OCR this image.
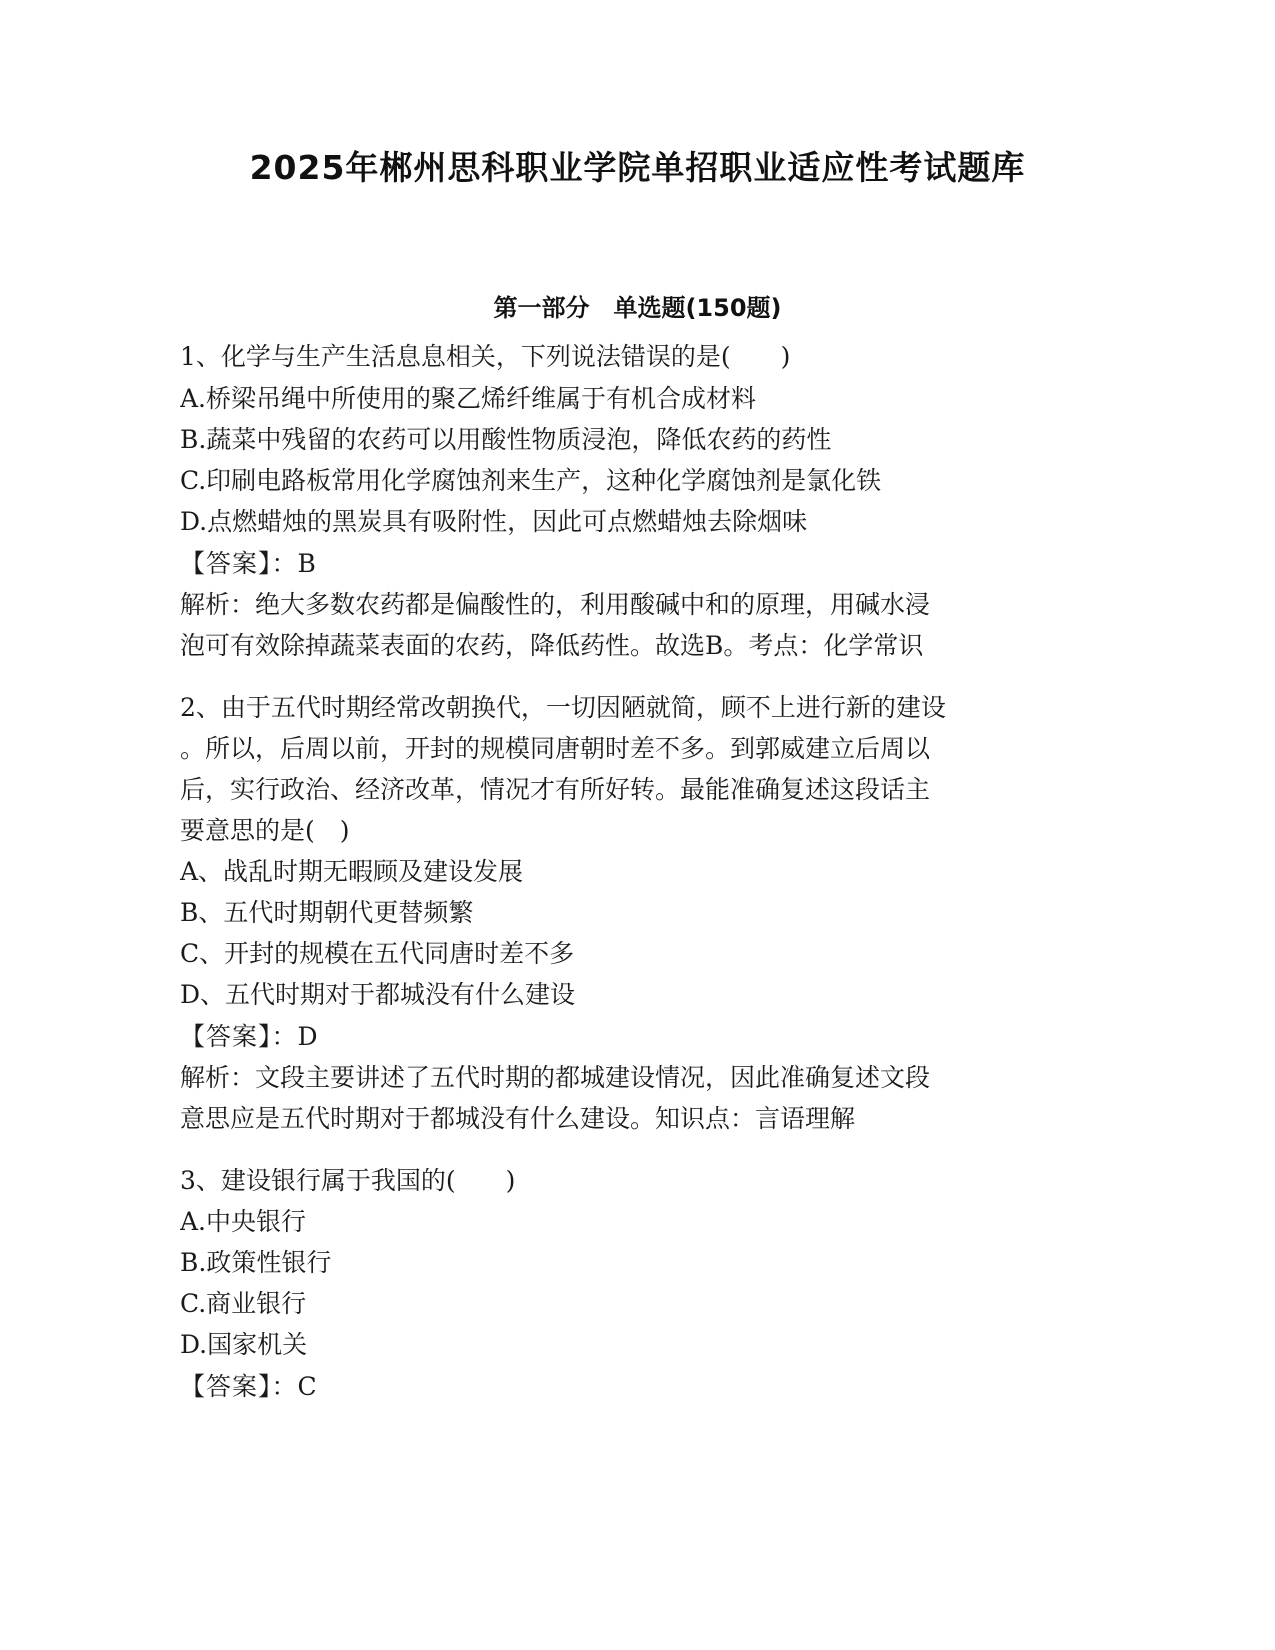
2025年郴州思科职业学院单招职业适应性考试题库
第一部分　单选题(150题)
1、化学与生产生活息息相关，下列说法错误的是(　　)
A.桥梁吊绳中所使用的聚乙烯纤维属于有机合成材料
B.蔬菜中残留的农药可以用酸性物质浸泡，降低农药的药性
C.印刷电路板常用化学腐蚀剂来生产，这种化学腐蚀剂是氯化铁
D.点燃蜡烛的黑炭具有吸附性，因此可点燃蜡烛去除烟味
【答案】：B
解析：绝大多数农药都是偏酸性的，利用酸碱中和的原理，用碱水浸
泡可有效除掉蔬菜表面的农药，降低药性。故选B。考点：化学常识
2、由于五代时期经常改朝换代，一切因陋就简，顾不上进行新的建设
。所以，后周以前，开封的规模同唐朝时差不多。到郭威建立后周以
后，实行政治、经济改革，情况才有所好转。最能准确复述这段话主
要意思的是(　)
A、战乱时期无暇顾及建设发展
B、五代时期朝代更替频繁
C、开封的规模在五代同唐时差不多
D、五代时期对于都城没有什么建设
【答案】：D
解析：文段主要讲述了五代时期的都城建设情况，因此准确复述文段
意思应是五代时期对于都城没有什么建设。知识点：言语理解
3、建设银行属于我国的(　　)
A.中央银行
B.政策性银行
C.商业银行
D.国家机关
【答案】：C
